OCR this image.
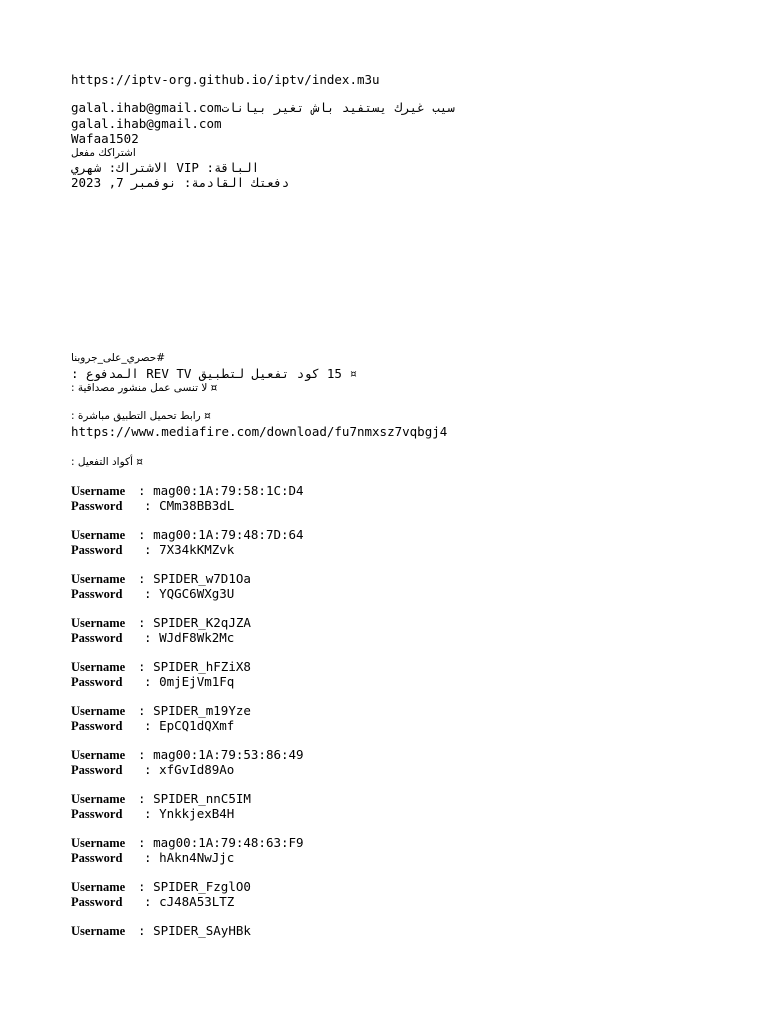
https://iptv-org.github.io/iptv/index.m3u
galal.ihab@gmail.comسيب غيرك يستفيد باش تغير بيانات
galal.ihab@gmail.com
Wafaa1502
اشتراكك مفعل
الباقة: VIP الاشتراك: شهري
دفعتك القادمة: نوفمبر 7, 2023
#حصري_على_جروبنا
¤ 15 كود تفعيل لتطبيق REV TV المدفوع :
¤ لا تنسى عمل منشور مصداقية :
¤ رابط تحميل التطبيق مباشرة :
https://www.mediafire.com/download/fu7nmxsz7vqbgj4
¤ أكواد التفعيل :
Username : mag00:1A:79:58:1C:D4
Password : CMm38BB3dL
Username : mag00:1A:79:48:7D:64
Password : 7X34kKMZvk
Username : SPIDER_w7D1Oa
Password : YQGC6WXg3U
Username : SPIDER_K2qJZA
Password : WJdF8Wk2Mc
Username : SPIDER_hFZiX8
Password : 0mjEjVm1Fq
Username : SPIDER_m19Yze
Password : EpCQ1dQXmf
Username : mag00:1A:79:53:86:49
Password : xfGvId89Ao
Username : SPIDER_nnC5IM
Password : YnkkjexB4H
Username : mag00:1A:79:48:63:F9
Password : hAkn4NwJjc
Username : SPIDER_FzglO0
Password : cJ48A53LTZ
Username : SPIDER_SAyHBk
